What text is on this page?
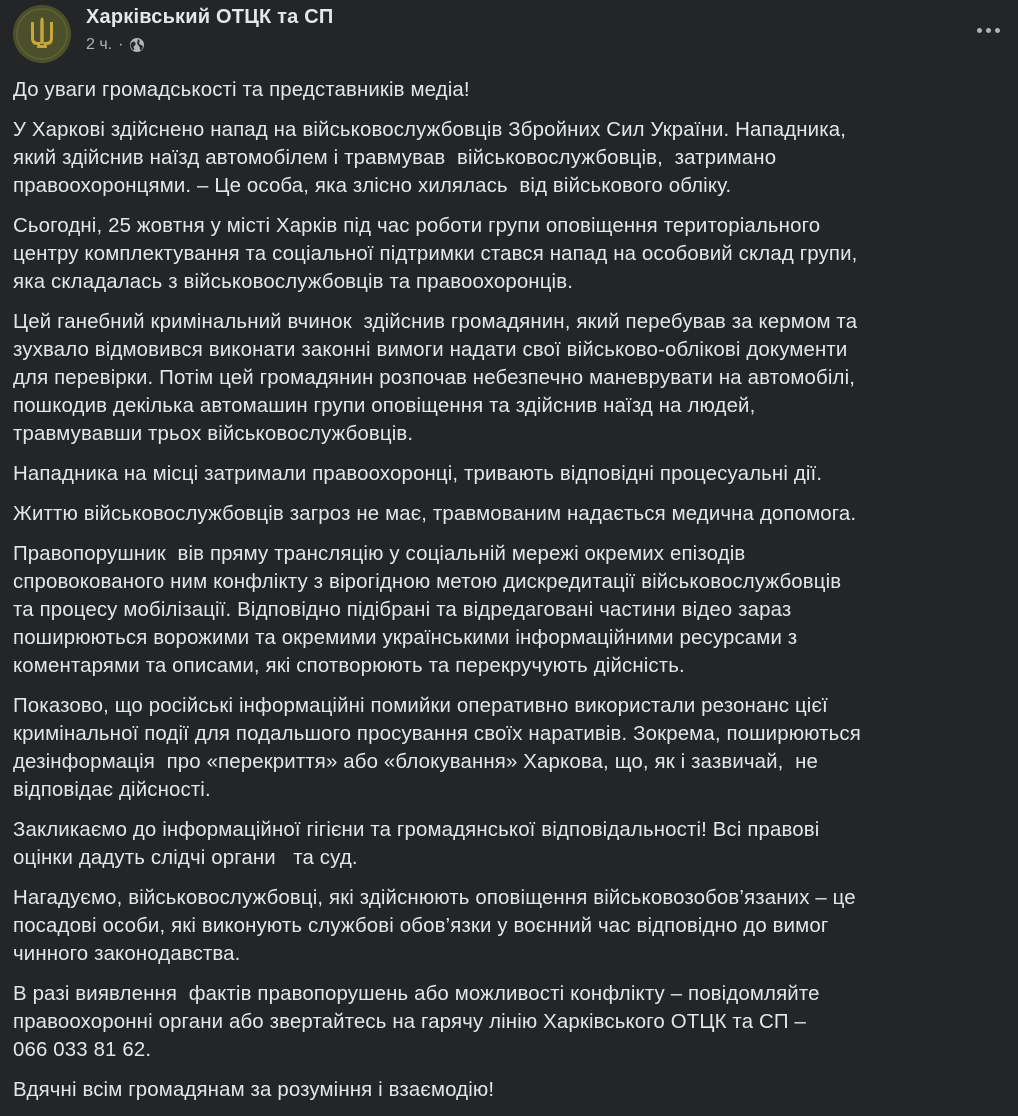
Харківський ОТЦК та СП
2 ч. ·

До уваги громадськості та представників медіа!

У Харкові здійснено напад на військовослужбовців Збройних Сил України. Нападника,
який здійснив наїзд автомобілем і травмував  військовослужбовців,  затримано
правоохоронцями. – Це особа, яка злісно хилялась  від військового обліку.

Сьогодні, 25 жовтня у місті Харків під час роботи групи оповіщення територіального
центру комплектування та соціальної підтримки стався напад на особовий склад групи,
яка складалась з військовослужбовців та правоохоронців.

Цей ганебний кримінальний вчинок  здійснив громадянин, який перебував за кермом та
зухвало відмовився виконати законні вимоги надати свої військово-облікові документи
для перевірки. Потім цей громадянин розпочав небезпечно маневрувати на автомобілі,
пошкодив декілька автомашин групи оповіщення та здійснив наїзд на людей,
травмувавши трьох військовослужбовців.

Нападника на місці затримали правоохоронці, тривають відповідні процесуальні дії.

Життю військовослужбовців загроз не має, травмованим надається медична допомога.

Правопорушник  вів пряму трансляцію у соціальній мережі окремих епізодів
спровокованого ним конфлікту з вірогідною метою дискредитації військовослужбовців
та процесу мобілізації. Відповідно підібрані та відредаговані частини відео зараз
поширюються ворожими та окремими українськими інформаційними ресурсами з
коментарями та описами, які спотворюють та перекручують дійсність.

Показово, що російські інформаційні помийки оперативно використали резонанс цієї
кримінальної події для подальшого просування своїх наративів. Зокрема, поширюються
дезінформація  про «перекриття» або «блокування» Харкова, що, як і зазвичай,  не
відповідає дійсності.

Закликаємо до інформаційної гігієни та громадянської відповідальності! Всі правові
оцінки дадуть слідчі органи   та суд.

Нагадуємо, військовослужбовці, які здійснюють оповіщення військовозобов’язаних – це
посадові особи, які виконують службові обов’язки у воєнний час відповідно до вимог
чинного законодавства.

В разі виявлення  фактів правопорушень або можливості конфлікту – повідомляйте
правоохоронні органи або звертайтесь на гарячу лінію Харківського ОТЦК та СП –
066 033 81 62.

Вдячні всім громадянам за розуміння і взаємодію!
